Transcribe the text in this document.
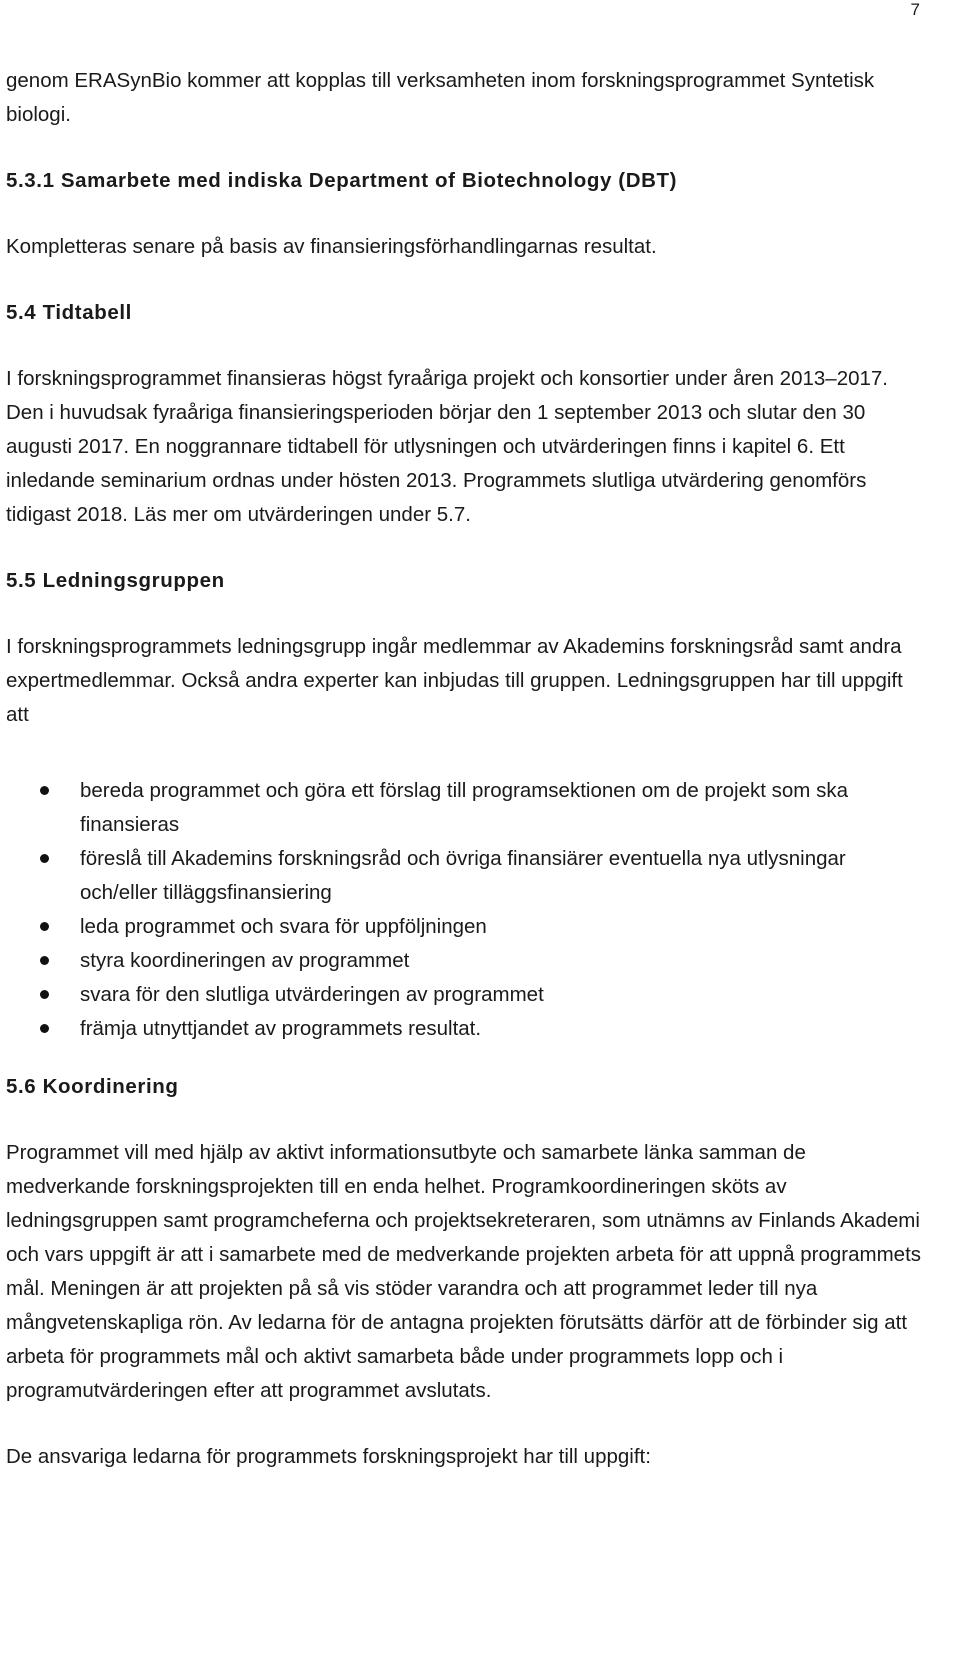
7

genom ERASynBio kommer att kopplas till verksamheten inom forskningsprogrammet Syntetisk biologi.

5.3.1 Samarbete med indiska Department of Biotechnology (DBT)

Kompletteras senare på basis av finansieringsförhandlingarnas resultat.

5.4 Tidtabell

I forskningsprogrammet finansieras högst fyraåriga projekt och konsortier under åren 2013–2017. Den i huvudsak fyraåriga finansieringsperioden börjar den 1 september 2013 och slutar den 30 augusti 2017. En noggrannare tidtabell för utlysningen och utvärderingen finns i kapitel 6. Ett inledande seminarium ordnas under hösten 2013. Programmets slutliga utvärdering genomförs tidigast 2018. Läs mer om utvärderingen under 5.7.

5.5 Ledningsgruppen

I forskningsprogrammets ledningsgrupp ingår medlemmar av Akademins forskningsråd samt andra expertmedlemmar. Också andra experter kan inbjudas till gruppen. Ledningsgruppen har till uppgift att

bereda programmet och göra ett förslag till programsektionen om de projekt som ska finansieras
föreslå till Akademins forskningsråd och övriga finansiärer eventuella nya utlysningar och/eller tilläggsfinansiering
leda programmet och svara för uppföljningen
styra koordineringen av programmet
svara för den slutliga utvärderingen av programmet
främja utnyttjandet av programmets resultat.
5.6 Koordinering

Programmet vill med hjälp av aktivt informationsutbyte och samarbete länka samman de medverkande forskningsprojekten till en enda helhet. Programkoordineringen sköts av ledningsgruppen samt programcheferna och projektsekreteraren, som utnämns av Finlands Akademi och vars uppgift är att i samarbete med de medverkande projekten arbeta för att uppnå programmets mål. Meningen är att projekten på så vis stöder varandra och att programmet leder till nya mångvetenskapliga rön. Av ledarna för de antagna projekten förutsätts därför att de förbinder sig att arbeta för programmets mål och aktivt samarbeta både under programmets lopp och i programutvärderingen efter att programmet avslutats.

De ansvariga ledarna för programmets forskningsprojekt har till uppgift:
